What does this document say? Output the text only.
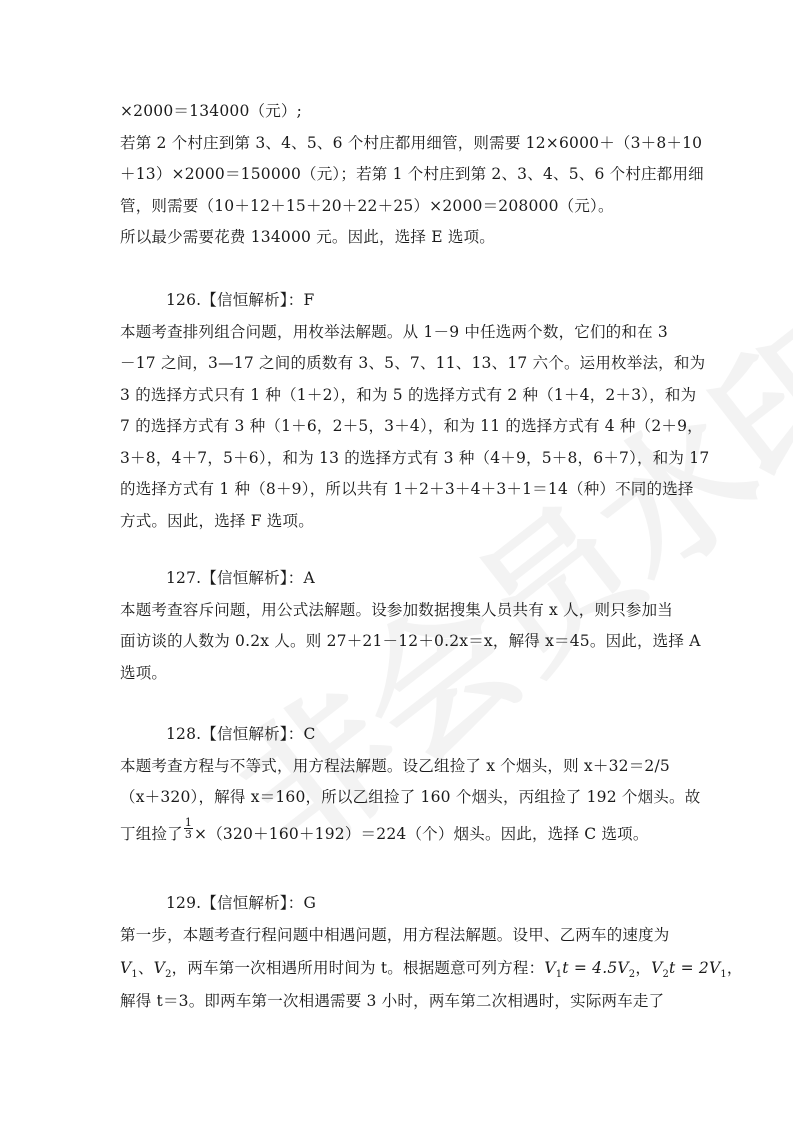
×2000＝134000（元）;
若第 2 个村庄到第 3、4、5、6 个村庄都用细管，则需要 12×6000＋（3＋8＋10
＋13）×2000＝150000（元）；若第 1 个村庄到第 2、3、4、5、6 个村庄都用细
管，则需要（10＋12＋15＋20＋22＋25）×2000＝208000（元）。
所以最少需要花费 134000 元。因此，选择 E 选项。
126.【信恒解析】：F
本题考查排列组合问题，用枚举法解题。从 1－9 中任选两个数，它们的和在 3
－17 之间，3—17 之间的质数有 3、5、7、11、13、17 六个。运用枚举法，和为
3 的选择方式只有 1 种（1＋2），和为 5 的选择方式有 2 种（1＋4，2＋3），和为
7 的选择方式有 3 种（1＋6，2＋5，3＋4），和为 11 的选择方式有 4 种（2＋9，
3＋8，4＋7，5＋6），和为 13 的选择方式有 3 种（4＋9，5＋8，6＋7），和为 17
的选择方式有 1 种（8＋9），所以共有 1＋2＋3＋4＋3＋1＝14（种）不同的选择
方式。因此，选择 F 选项。
127.【信恒解析】：A
本题考查容斥问题，用公式法解题。设参加数据搜集人员共有 x 人，则只参加当
面访谈的人数为 0.2x 人。则 27＋21－12＋0.2x＝x，解得 x＝45。因此，选择 A
选项。
128.【信恒解析】：C
本题考查方程与不等式，用方程法解题。设乙组捡了 x 个烟头，则 x＋32＝2/5
（x＋320），解得 x＝160，所以乙组捡了 160 个烟头，丙组捡了 192 个烟头。故
丁组捡了 $\frac{1}{3} \times(320+160+192)=224$（个）烟头。因此，选择 C 选项。
129.【信恒解析】：G
第一步，本题考查行程问题中相遇问题，用方程法解题。设甲、乙两车的速度为
$V_1$、$V_2$，两车第一次相遇所用时间为 t。根据题意可列方程：$V_1t = 4.5V_2$，$V_2t = 2V_1$，
解得 t＝3。即两车第一次相遇需要 3 小时，两车第二次相遇时，实际两车走了
